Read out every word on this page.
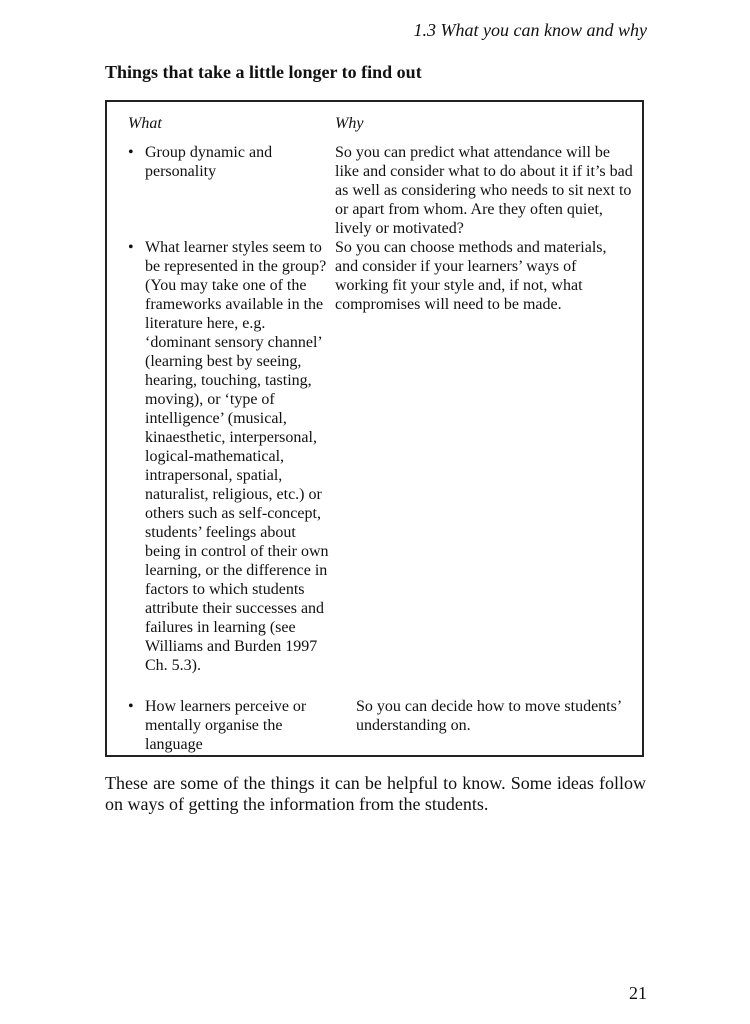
1.3 What you can know and why
Things that take a little longer to find out
What	Why
• Group dynamic and personality
So you can predict what attendance will be like and consider what to do about it if it’s bad as well as considering who needs to sit next to or apart from whom. Are they often quiet, lively or motivated?
• What learner styles seem to be represented in the group? (You may take one of the frameworks available in the literature here, e.g. ‘dominant sensory channel’ (learning best by seeing, hearing, touching, tasting, moving), or ‘type of intelligence’ (musical, kinaesthetic, interpersonal, logical-mathematical, intrapersonal, spatial, naturalist, religious, etc.) or others such as self-concept, students’ feelings about being in control of their own learning, or the difference in factors to which students attribute their successes and failures in learning (see Williams and Burden 1997 Ch. 5.3).
So you can choose methods and materials, and consider if your learners’ ways of working fit your style and, if not, what compromises will need to be made.
• How learners perceive or mentally organise the language
So you can decide how to move students’ understanding on.
These are some of the things it can be helpful to know. Some ideas follow on ways of getting the information from the students.
21
